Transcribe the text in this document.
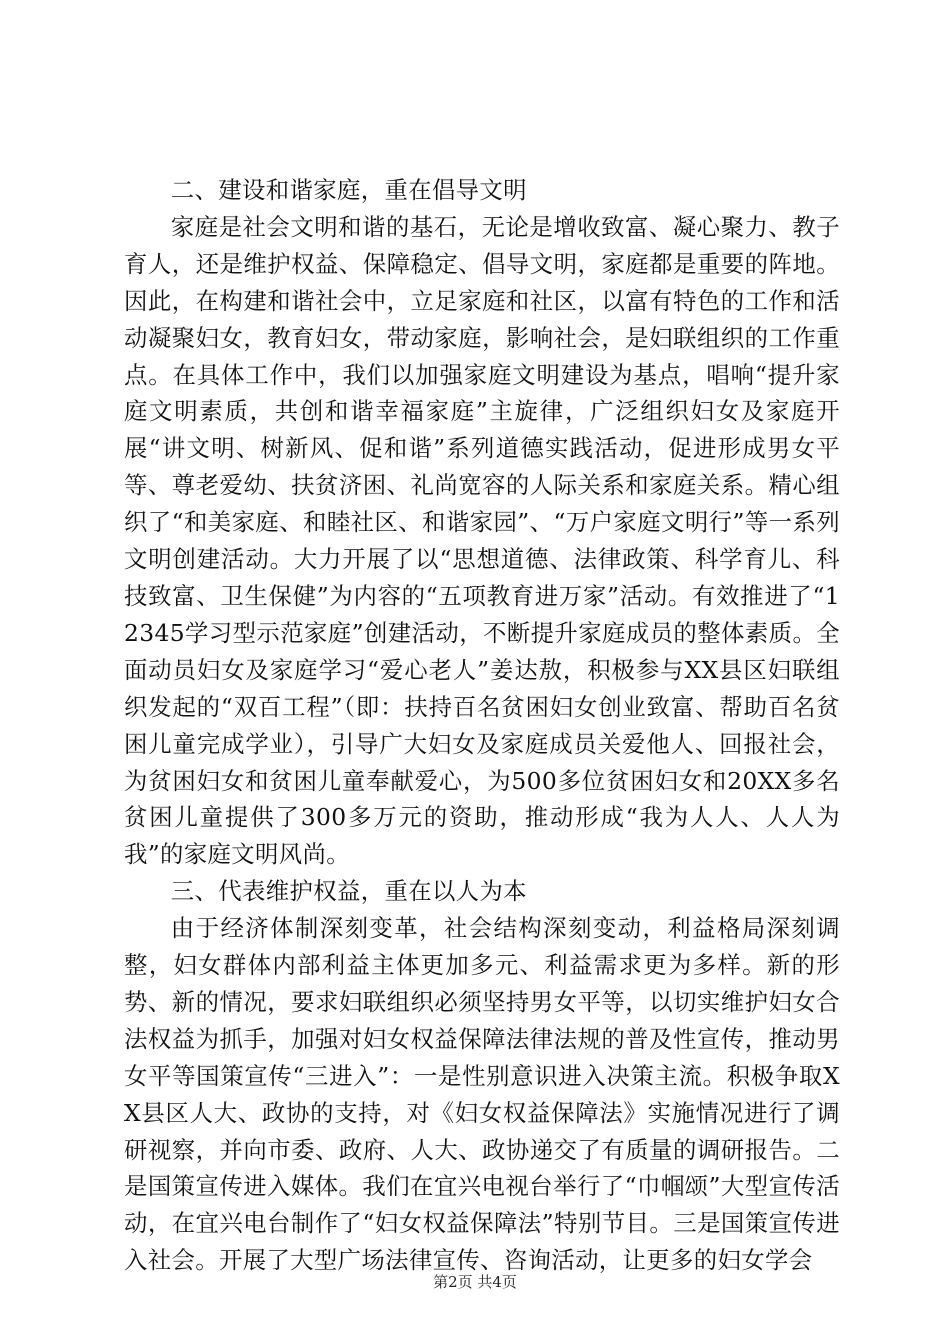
二、建设和谐家庭，重在倡导文明

家庭是社会文明和谐的基石，无论是增收致富、凝心聚力、教子育人，还是维护权益、保障稳定、倡导文明，家庭都是重要的阵地。因此，在构建和谐社会中，立足家庭和社区，以富有特色的工作和活动凝聚妇女，教育妇女，带动家庭，影响社会，是妇联组织的工作重点。在具体工作中，我们以加强家庭文明建设为基点，唱响“提升家庭文明素质，共创和谐幸福家庭”主旋律，广泛组织妇女及家庭开展“讲文明、树新风、促和谐”系列道德实践活动，促进形成男女平等、尊老爱幼、扶贫济困、礼尚宽容的人际关系和家庭关系。精心组织了“和美家庭、和睦社区、和谐家园”、“万户家庭文明行”等一系列文明创建活动。大力开展了以“思想道德、法律政策、科学育儿、科技致富、卫生保健”为内容的“五项教育进万家”活动。有效推进了“12345学习型示范家庭”创建活动，不断提升家庭成员的整体素质。全面动员妇女及家庭学习“爱心老人”姜达敖，积极参与XX县区妇联组织发起的“双百工程”（即：扶持百名贫困妇女创业致富、帮助百名贫困儿童完成学业），引导广大妇女及家庭成员关爱他人、回报社会，为贫困妇女和贫困儿童奉献爱心，为500多位贫困妇女和20XX多名贫困儿童提供了300多万元的资助，推动形成“我为人人、人人为我”的家庭文明风尚。

三、代表维护权益，重在以人为本

由于经济体制深刻变革，社会结构深刻变动，利益格局深刻调整，妇女群体内部利益主体更加多元、利益需求更为多样。新的形势、新的情况，要求妇联组织必须坚持男女平等，以切实维护妇女合法权益为抓手，加强对妇女权益保障法律法规的普及性宣传，推动男女平等国策宣传“三进入”：一是性别意识进入决策主流。积极争取XX县区人大、政协的支持，对《妇女权益保障法》实施情况进行了调研视察，并向市委、政府、人大、政协递交了有质量的调研报告。二是国策宣传进入媒体。我们在宜兴电视台举行了“巾帼颂”大型宣传活动，在宜兴电台制作了“妇女权益保障法”特别节目。三是国策宣传进入社会。开展了大型广场法律宣传、咨询活动，让更多的妇女学会

第2页 共4页
